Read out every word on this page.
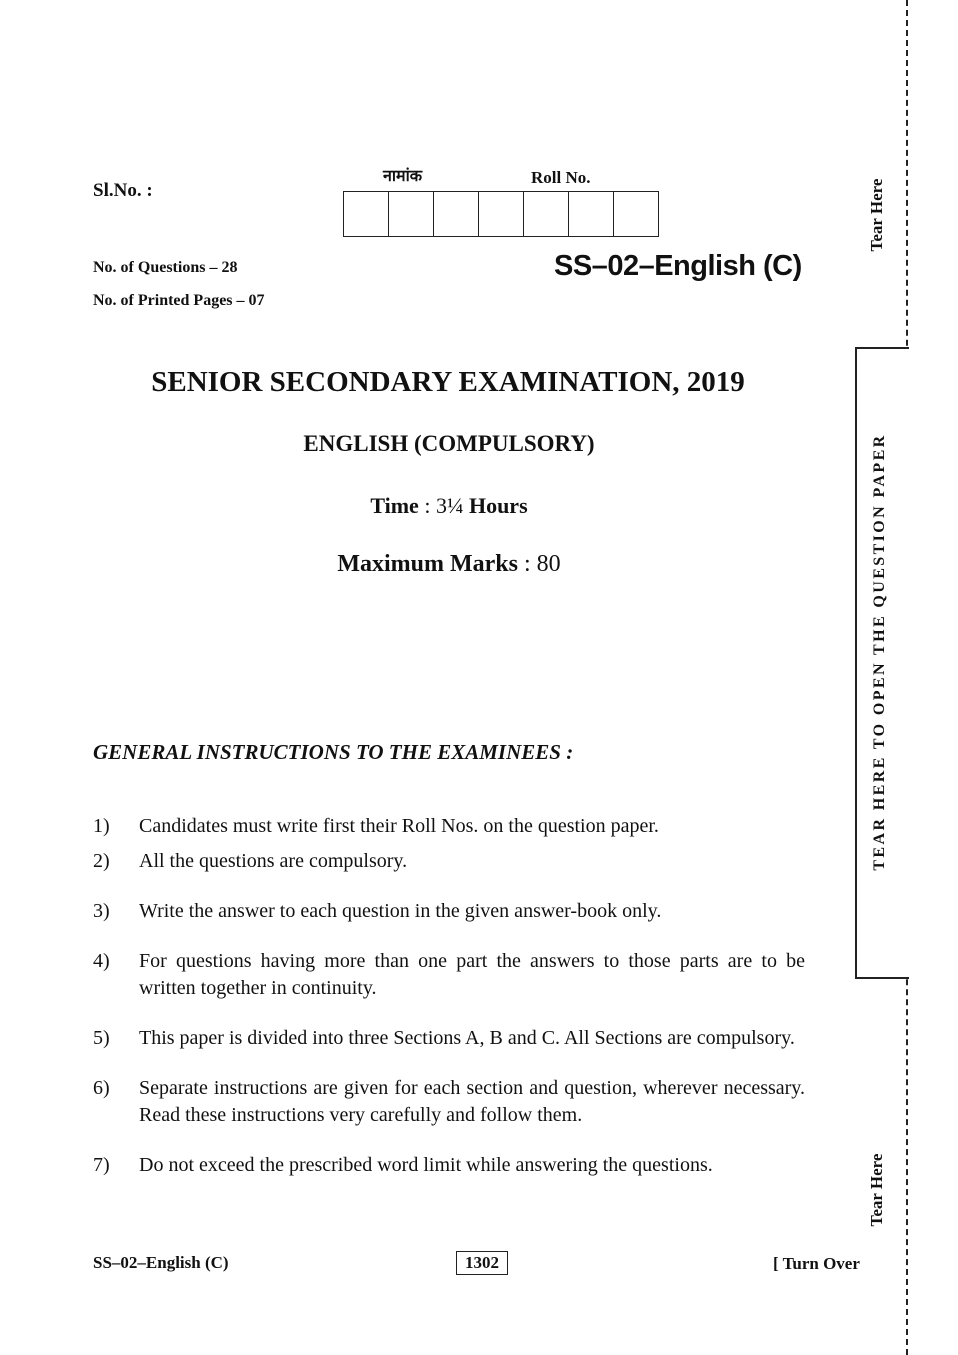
Sl.No. :
नामांक	Roll No.
No. of Questions – 28
No. of Printed Pages – 07
SS–02–English (C)
SENIOR SECONDARY EXAMINATION, 2019
ENGLISH (COMPULSORY)
Time : 3¼ Hours
Maximum Marks : 80
GENERAL INSTRUCTIONS TO THE EXAMINEES :
1)	Candidates must write first their Roll Nos. on the question paper.
2)	All the questions are compulsory.
3)	Write the answer to each question in the given answer-book only.
4)	For questions having more than one part the answers to those parts are to be written together in continuity.
5)	This paper is divided into three Sections A, B and C. All Sections are compulsory.
6)	Separate instructions are given for each section and question, wherever necessary. Read these instructions very carefully and follow them.
7)	Do not exceed the prescribed word limit while answering the questions.
SS–02–English (C)	1302	[ Turn Over
Tear Here
TEAR HERE TO OPEN THE QUESTION PAPER
Tear Here
